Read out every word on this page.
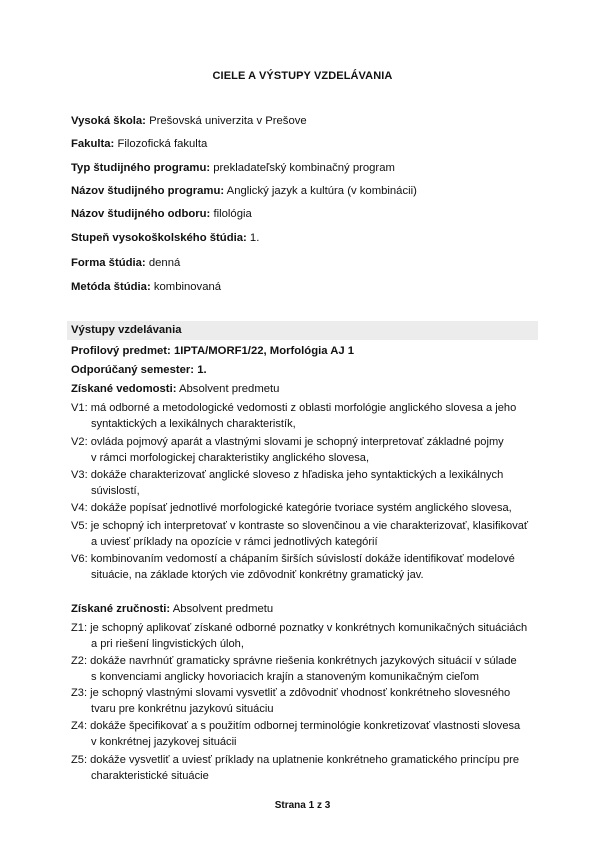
CIELE A VÝSTUPY VZDELÁVANIA
Vysoká škola: Prešovská univerzita v Prešove
Fakulta: Filozofická fakulta
Typ študijného programu: prekladateľský kombinačný program
Názov študijného programu: Anglický jazyk a kultúra (v kombinácii)
Názov študijného odboru: filológia
Stupeň vysokoškolského štúdia: 1.
Forma štúdia: denná
Metóda štúdia: kombinovaná
Výstupy vzdelávania
Profilový predmet: 1IPTA/MORF1/22, Morfológia AJ 1
Odporúčaný semester: 1.
Získané vedomosti: Absolvent predmetu
V1: má odborné a metodologické vedomosti z oblasti morfológie anglického slovesa a jeho
syntaktických a lexikálnych charakteristík,
V2: ovláda pojmový aparát a vlastnými slovami je schopný interpretovať základné pojmy
v rámci morfologickej charakteristiky anglického slovesa,
V3: dokáže charakterizovať anglické sloveso z hľadiska jeho syntaktických a lexikálnych
súvislostí,
V4: dokáže popísať jednotlivé morfologické kategórie tvoriace systém anglického slovesa,
V5: je schopný ich interpretovať v kontraste so slovenčinou a vie charakterizovať, klasifikovať
a uviesť príklady na opozície v rámci jednotlivých kategórií
V6: kombinovaním vedomostí a chápaním širších súvislostí dokáže identifikovať modelové
situácie, na základe ktorých vie zdôvodniť konkrétny gramatický jav.
Získané zručnosti: Absolvent predmetu
Z1: je schopný aplikovať získané odborné poznatky v konkrétnych komunikačných situáciách
a pri riešení lingvistických úloh,
Z2: dokáže navrhnúť gramaticky správne riešenia konkrétnych jazykových situácií v súlade
s konvenciami anglicky hovoriacich krajín a stanoveným komunikačným cieľom
Z3: je schopný vlastnými slovami vysvetliť a zdôvodniť vhodnosť konkrétneho slovesného
tvaru pre konkrétnu jazykovú situáciu
Z4: dokáže špecifikovať a s použitím odbornej terminológie konkretizovať vlastnosti slovesa
v konkrétnej jazykovej situácii
Z5: dokáže vysvetliť a uviesť príklady na uplatnenie konkrétneho gramatického princípu pre
charakteristické situácie
Strana 1 z 3
